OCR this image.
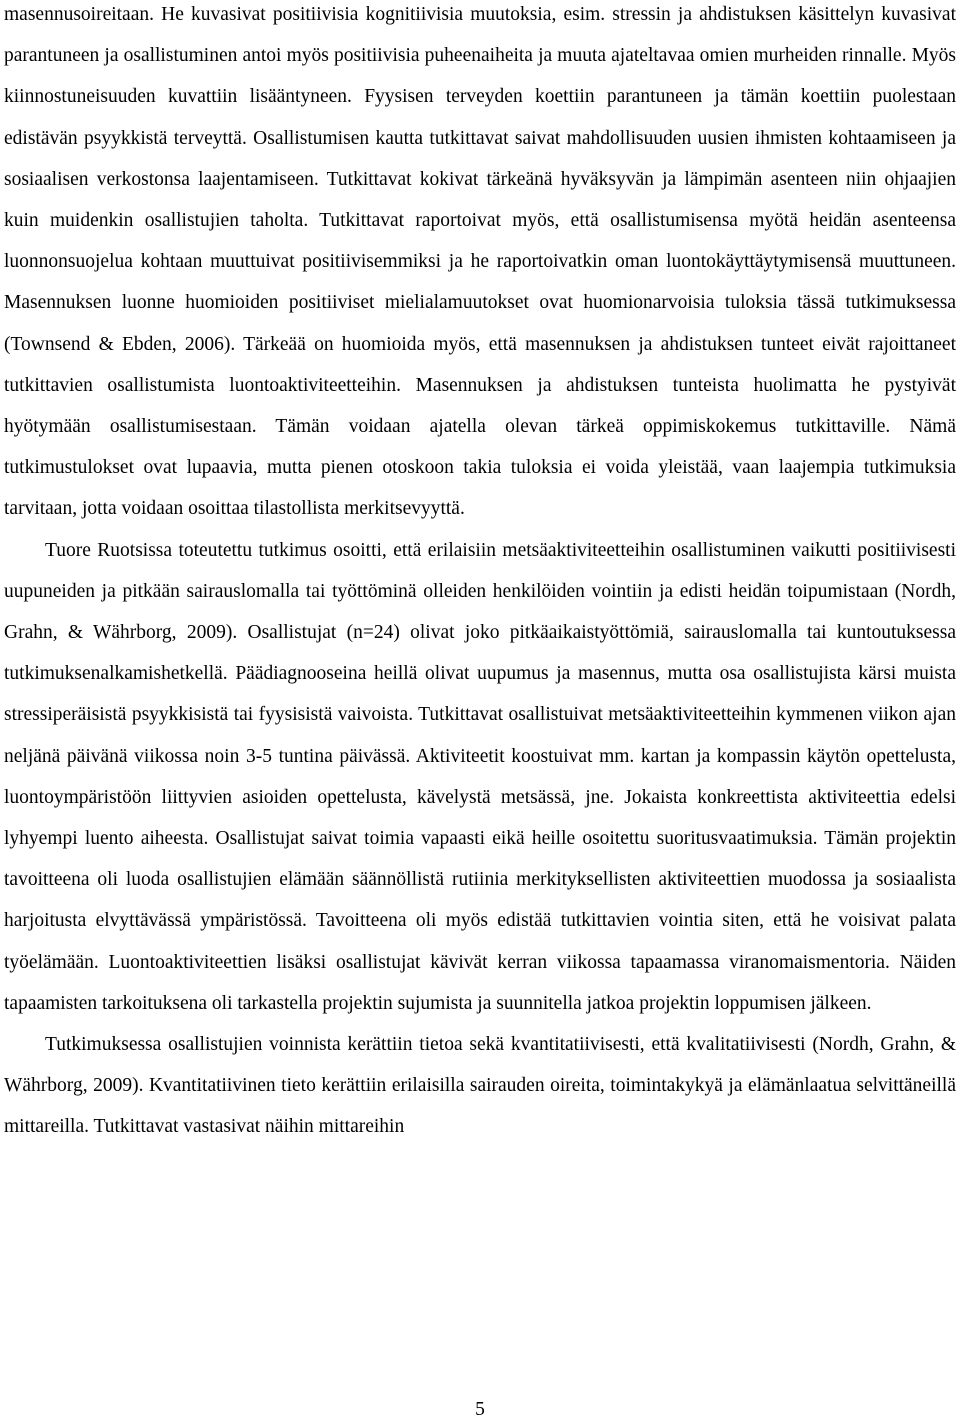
masennusoireitaan. He kuvasivat positiivisia kognitiivisia muutoksia, esim. stressin ja ahdistuksen käsittelyn kuvasivat parantuneen ja osallistuminen antoi myös positiivisia puheenaiheita ja muuta ajateltavaa omien murheiden rinnalle. Myös kiinnostuneisuuden kuvattiin lisääntyneen. Fyysisen terveyden koettiin parantuneen ja tämän koettiin puolestaan edistävän psyykkistä terveyttä. Osallistumisen kautta tutkittavat saivat mahdollisuuden uusien ihmisten kohtaamiseen ja sosiaalisen verkostonsa laajentamiseen. Tutkittavat kokivat tärkeänä hyväksyvän ja lämpimän asenteen niin ohjaajien kuin muidenkin osallistujien taholta. Tutkittavat raportoivat myös, että osallistumisensa myötä heidän asenteensa luonnonsuojelua kohtaan muuttuivat positiivisemmiksi ja he raportoivatkin oman luontokäyttäytymisensä muuttuneen. Masennuksen luonne huomioiden positiiviset mielialamuutokset ovat huomionarvoisia tuloksia tässä tutkimuksessa (Townsend & Ebden, 2006). Tärkeää on huomioida myös, että masennuksen ja ahdistuksen tunteet eivät rajoittaneet tutkittavien osallistumista luontoaktiviteetteihin. Masennuksen ja ahdistuksen tunteista huolimatta he pystyivät hyötymään osallistumisestaan. Tämän voidaan ajatella olevan tärkeä oppimiskokemus tutkittaville. Nämä tutkimustulokset ovat lupaavia, mutta pienen otoskoon takia tuloksia ei voida yleistää, vaan laajempia tutkimuksia tarvitaan, jotta voidaan osoittaa tilastollista merkitsevyyttä.

Tuore Ruotsissa toteutettu tutkimus osoitti, että erilaisiin metsäaktiviteetteihin osallistuminen vaikutti positiivisesti uupuneiden ja pitkään sairauslomalla tai työttöminä olleiden henkilöiden vointiin ja edisti heidän toipumistaan (Nordh, Grahn, & Währborg, 2009). Osallistujat (n=24) olivat joko pitkäaikaistyöttömiä, sairauslomalla tai kuntoutuksessa tutkimuksenalkamishetkellä. Päädiagnooseina heillä olivat uupumus ja masennus, mutta osa osallistujista kärsi muista stressiperäisistä psyykkisistä tai fyysisistä vaivoista. Tutkittavat osallistuivat metsäaktiviteetteihin kymmenen viikon ajan neljänä päivänä viikossa noin 3-5 tuntina päivässä. Aktiviteetit koostuivat mm. kartan ja kompassin käytön opettelusta, luontoympäristöön liittyvien asioiden opettelusta, kävelystä metsässä, jne. Jokaista konkreettista aktiviteettia edelsi lyhyempi luento aiheesta. Osallistujat saivat toimia vapaasti eikä heille osoitettu suoritusvaatimuksia. Tämän projektin tavoitteena oli luoda osallistujien elämään säännöllistä rutiinia merkityksellisten aktiviteettien muodossa ja sosiaalista harjoitusta elvyttävässä ympäristössä. Tavoitteena oli myös edistää tutkittavien vointia siten, että he voisivat palata työelämään. Luontoaktiviteettien lisäksi osallistujat kävivät kerran viikossa tapaamassa viranomaismentoria. Näiden tapaamisten tarkoituksena oli tarkastella projektin sujumista ja suunnitella jatkoa projektin loppumisen jälkeen.

Tutkimuksessa osallistujien voinnista kerättiin tietoa sekä kvantitatiivisesti, että kvalitatiivisesti (Nordh, Grahn, & Währborg, 2009). Kvantitatiivinen tieto kerättiin erilaisilla sairauden oireita, toimintakykyä ja elämänlaatua selvittäneillä mittareilla. Tutkittavat vastasivat näihin mittareihin

5
